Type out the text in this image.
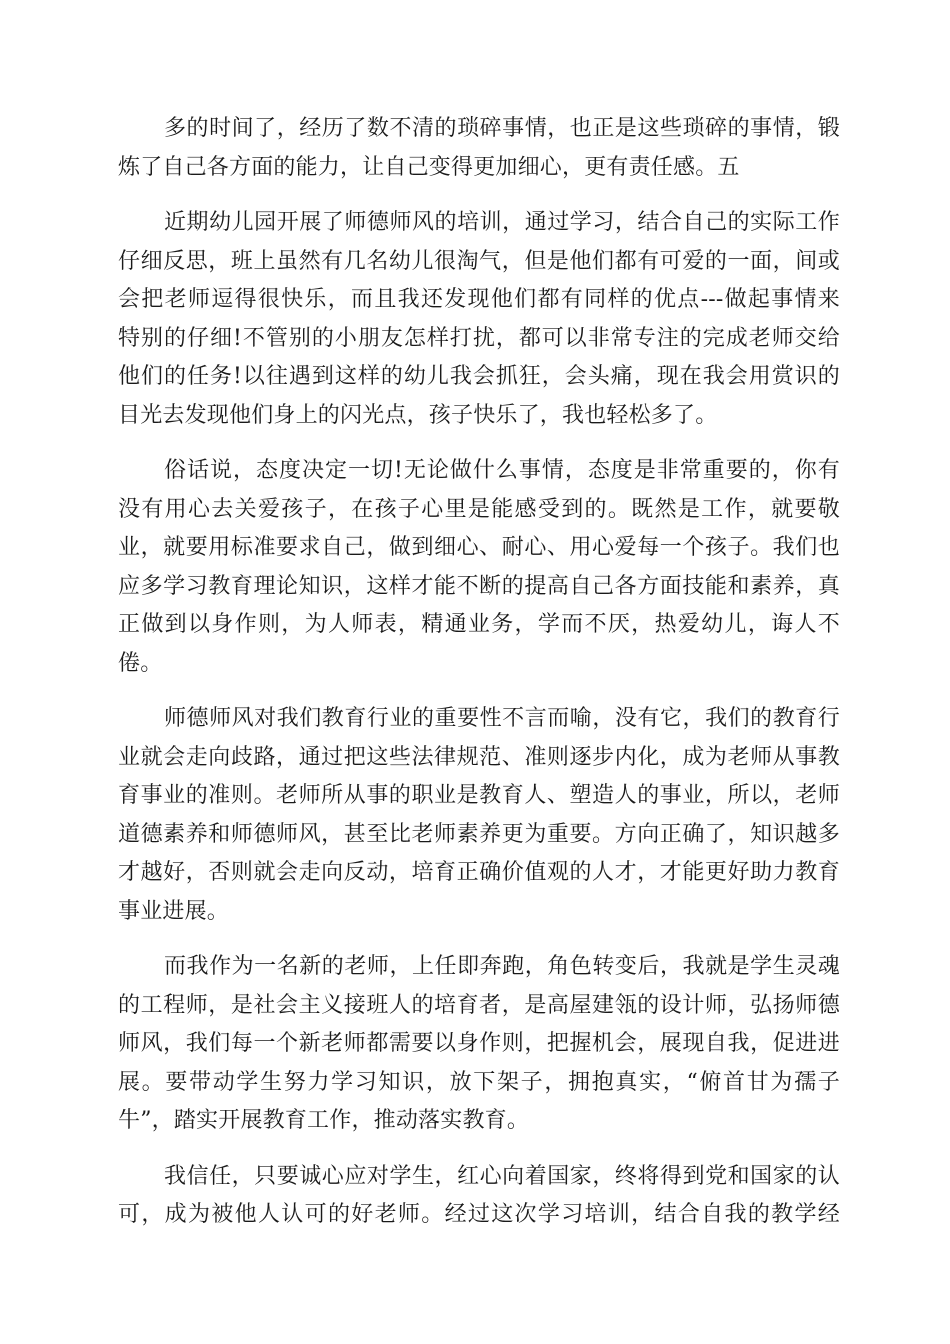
多的时间了，经历了数不清的琐碎事情，也正是这些琐碎的事情，锻
炼了自己各方面的能力，让自己变得更加细心，更有责任感。五
近期幼儿园开展了师德师风的培训，通过学习，结合自己的实际工作
仔细反思，班上虽然有几名幼儿很淘气，但是他们都有可爱的一面，间或
会把老师逗得很快乐，而且我还发现他们都有同样的优点---做起事情来
特别的仔细!不管别的小朋友怎样打扰，都可以非常专注的完成老师交给
他们的任务!以往遇到这样的幼儿我会抓狂，会头痛，现在我会用赏识的
目光去发现他们身上的闪光点，孩子快乐了，我也轻松多了。
俗话说，态度决定一切!无论做什么事情，态度是非常重要的，你有
没有用心去关爱孩子，在孩子心里是能感受到的。既然是工作，就要敬
业，就要用标准要求自己，做到细心、耐心、用心爱每一个孩子。我们也
应多学习教育理论知识，这样才能不断的提高自己各方面技能和素养，真
正做到以身作则，为人师表，精通业务，学而不厌，热爱幼儿，诲人不
倦。
师德师风对我们教育行业的重要性不言而喻，没有它，我们的教育行
业就会走向歧路，通过把这些法律规范、准则逐步内化，成为老师从事教
育事业的准则。老师所从事的职业是教育人、塑造人的事业，所以，老师
道德素养和师德师风，甚至比老师素养更为重要。方向正确了，知识越多
才越好，否则就会走向反动，培育正确价值观的人才，才能更好助力教育
事业进展。
而我作为一名新的老师，上任即奔跑，角色转变后，我就是学生灵魂
的工程师，是社会主义接班人的培育者，是高屋建瓴的设计师，弘扬师德
师风，我们每一个新老师都需要以身作则，把握机会，展现自我，促进进
展。要带动学生努力学习知识，放下架子，拥抱真实，“俯首甘为孺子
牛”，踏实开展教育工作，推动落实教育。
我信任，只要诚心应对学生，红心向着国家，终将得到党和国家的认
可，成为被他人认可的好老师。经过这次学习培训，结合自我的教学经
